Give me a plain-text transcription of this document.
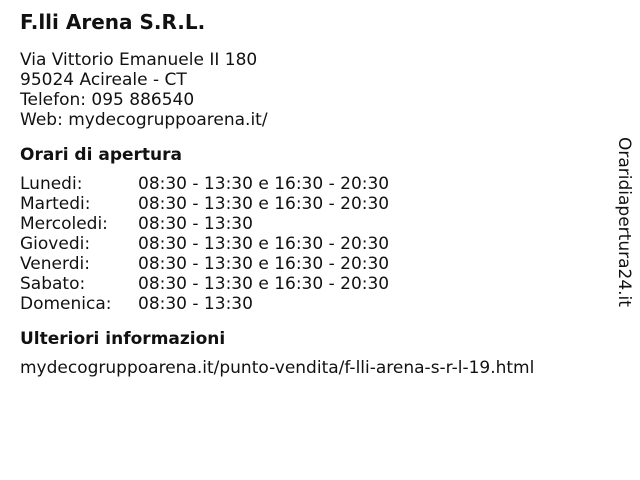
F.lli Arena S.R.L.

Via Vittorio Emanuele II 180

95024 Acireale - CT

Telefon: 095 886540

Web: mydecogruppoarena.it/

Orari di apertura
Lunedi:	08:30 - 13:30 e 16:30 - 20:30
Martedi:	08:30 - 13:30 e 16:30 - 20:30
Mercoledi:	08:30 - 13:30
Giovedi:	08:30 - 13:30 e 16:30 - 20:30
Venerdi:	08:30 - 13:30 e 16:30 - 20:30
Sabato:	08:30 - 13:30 e 16:30 - 20:30
Domenica:	08:30 - 13:30
Ulteriori informazioni
mydecogruppoarena.it/punto-vendita/f-lli-arena-s-r-l-19.html
Oraridiapertura24.it
